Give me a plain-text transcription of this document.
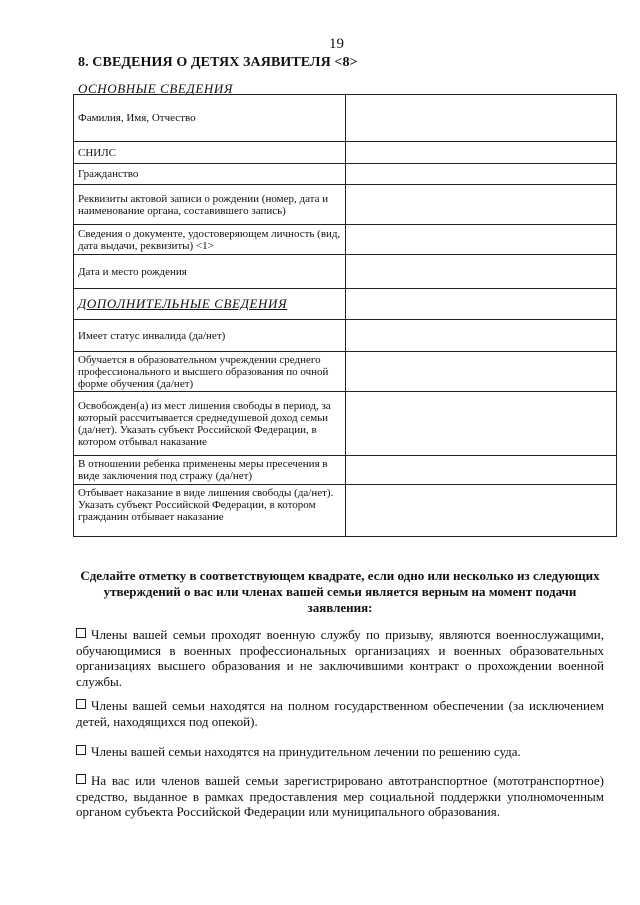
19
8. СВЕДЕНИЯ О ДЕТЯХ ЗАЯВИТЕЛЯ <8>
ОСНОВНЫЕ СВЕДЕНИЯ
Фамилия, Имя, Отчество	
СНИЛС	
Гражданство	
Реквизиты актовой записи о рождении (номер, дата и наименование органа, составившего запись)	
Сведения о документе, удостоверяющем личность (вид, дата выдачи, реквизиты) <1>	
Дата и место рождения	
ДОПОЛНИТЕЛЬНЫЕ СВЕДЕНИЯ	
Имеет статус инвалида (да/нет)	
Обучается в образовательном учреждении среднего профессионального и высшего образования по очной форме обучения (да/нет)	
Освобожден(а) из мест лишения свободы в период, за который рассчитывается среднедушевой доход семьи (да/нет). Указать субъект Российской Федерации, в котором отбывал наказание	
В отношении ребенка применены меры пресечения в виде заключения под стражу (да/нет)	
Отбывает наказание в виде лишения свободы (да/нет). Указать субъект Российской Федерации, в котором гражданин отбывает наказание	
Сделайте отметку в соответствующем квадрате, если одно или несколько из следующих утверждений о вас или членах вашей семьи является верным на момент подачи заявления:
Члены вашей семьи проходят военную службу по призыву, являются военнослужащими, обучающимися в военных профессиональных организациях и военных образовательных организациях высшего образования и не заключившими контракт о прохождении военной службы.
Члены вашей семьи находятся на полном государственном обеспечении (за исключением детей, находящихся под опекой).
Члены вашей семьи находятся на принудительном лечении по решению суда.
На вас или членов вашей семьи зарегистрировано автотранспортное (мототранспортное) средство, выданное в рамках предоставления мер социальной поддержки уполномоченным органом субъекта Российской Федерации или муниципального образования.
